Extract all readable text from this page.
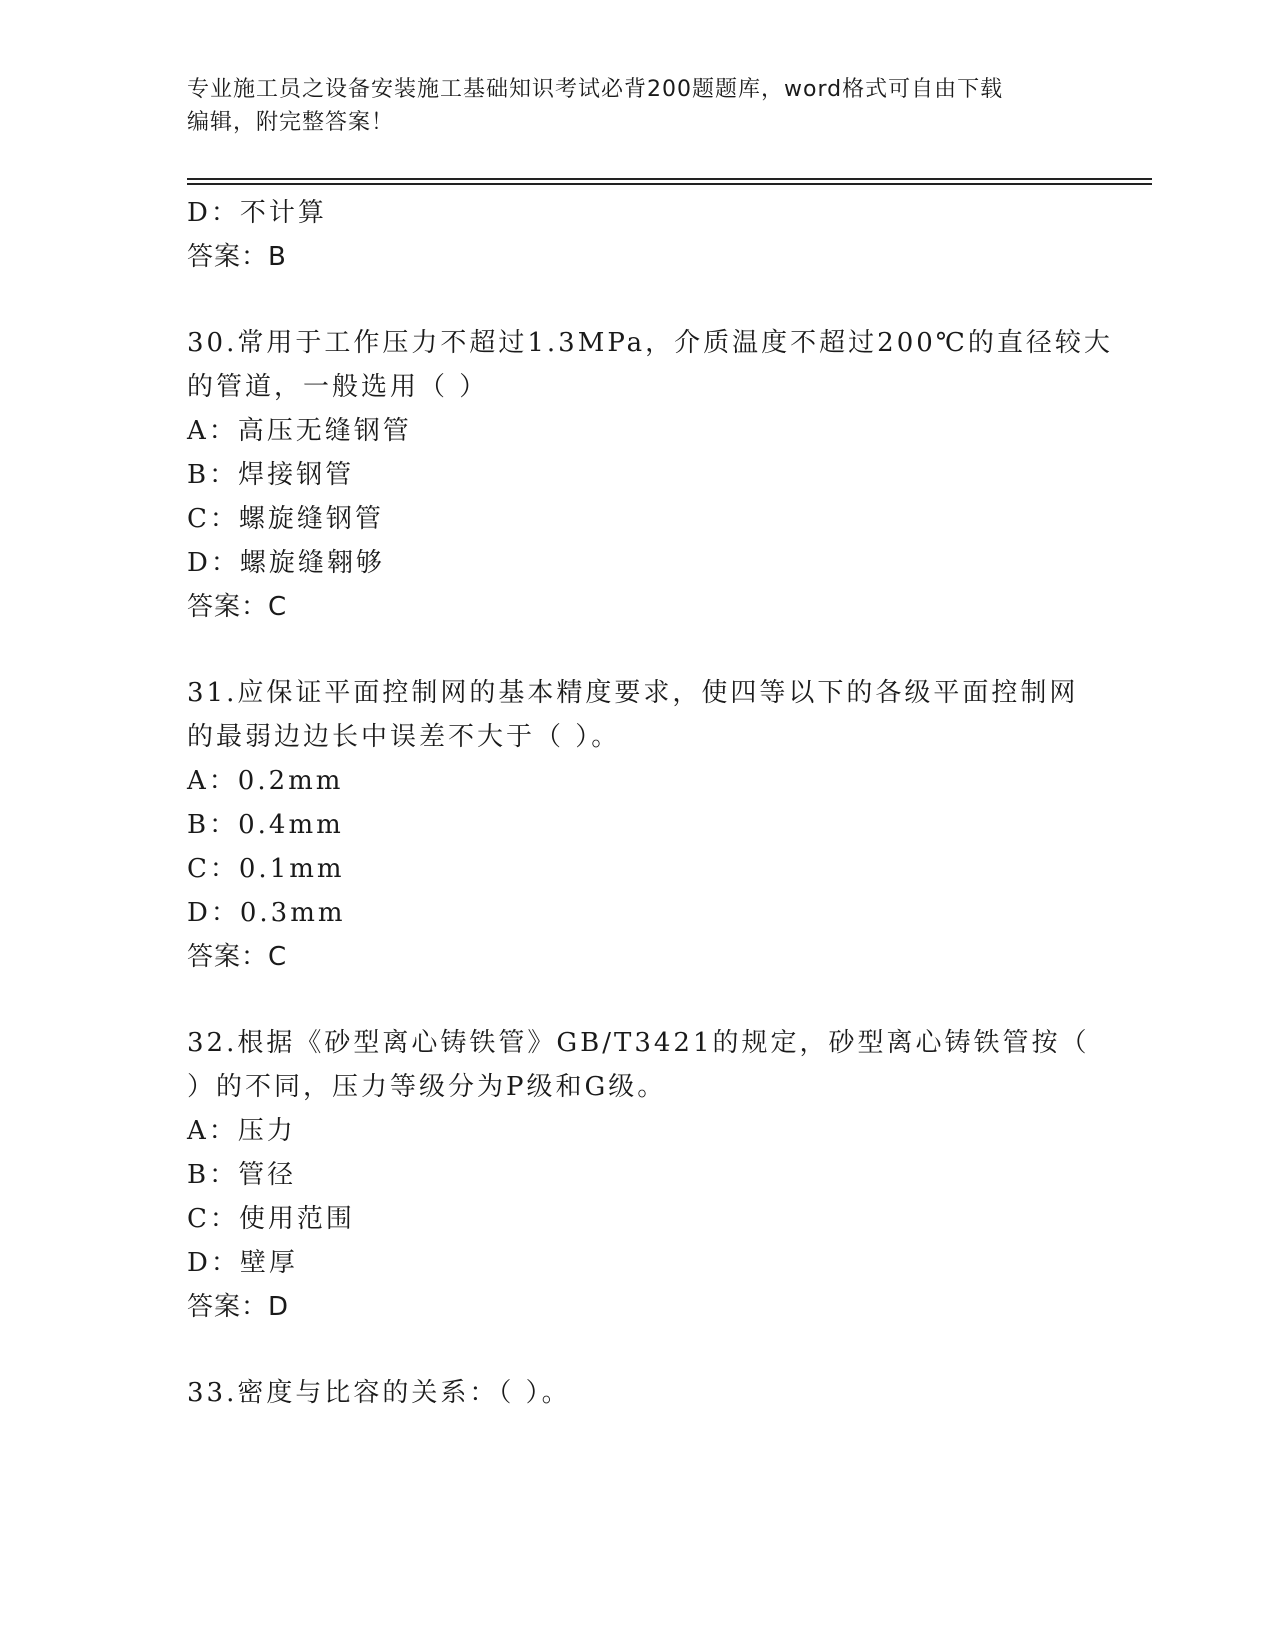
专业施工员之设备安装施工基础知识考试必背200题题库，word格式可自由下载
编辑，附完整答案！
D：不计算
答案：B
30.常用于工作压力不超过1.3MPa，介质温度不超过200℃的直径较大
的管道，一般选用（ ）
A：高压无缝钢管
B：焊接钢管
C：螺旋缝钢管
D：螺旋缝翱够
答案：C
31.应保证平面控制网的基本精度要求，使四等以下的各级平面控制网
的最弱边边长中误差不大于（ ）。
A：0.2mm
B：0.4mm
C：0.1mm
D：0.3mm
答案：C
32.根据《砂型离心铸铁管》GB/T3421的规定，砂型离心铸铁管按（
）的不同，压力等级分为P级和G级。
A：压力
B：管径
C：使用范围
D：壁厚
答案：D
33.密度与比容的关系：（ ）。
